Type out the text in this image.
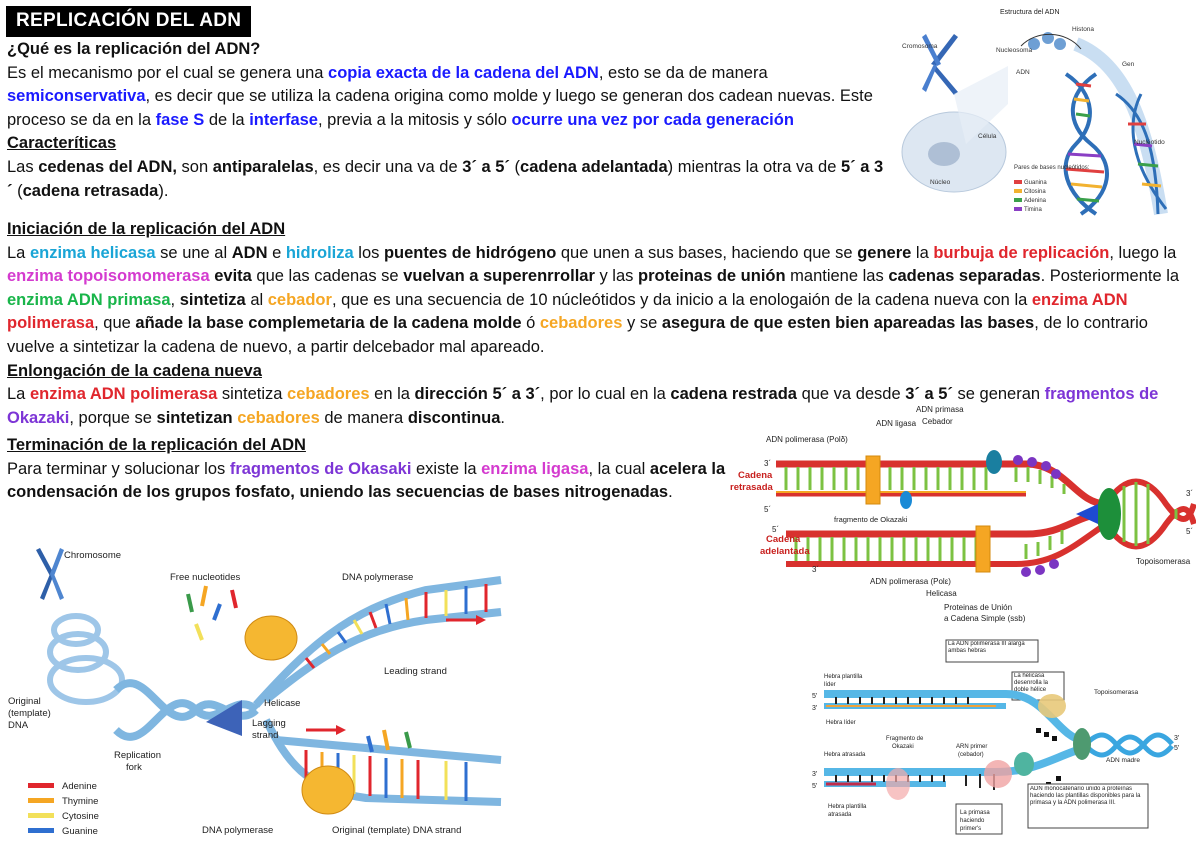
REPLICACIÓN DEL ADN
¿Qué es la replicación del ADN?
Es el mecanismo por el cual se genera una copia exacta de la cadena del ADN, esto se da de manera semiconservativa, es decir que se utiliza la cadena origina como molde y luego se generan dos cadean nuevas. Este proceso se da en la fase S de la interfase, previa a la mitosis y sólo ocurre una vez por cada generación
Caracteríticas
Las cedenas del ADN, son antiparalelas, es decir una va de 3´ a 5´ (cadena adelantada) mientras la otra va de 5´ a 3´ (cadena retrasada).
Iniciación de la replicación del ADN
La enzima helicasa se une al ADN e hidroliza los puentes de hidrógeno que unen a sus bases, haciendo que se genere la burbuja de replicación, luego la enzima topoisomomerasa evita que las cadenas se vuelvan a superenrrollar y las proteinas de unión mantiene las cadenas separadas. Posteriormente la enzima ADN primasa, sintetiza al cebador, que es una secuencia de 10 núcleótidos y da inicio a la enologaión de la cadena nueva con la enzima ADN polimerasa, que añade la base complemetaria de la cadena molde ó cebadores y se asegura de que esten bien apareadas las bases, de lo contrario vuelve a sintetizar la cadena de nuevo, a partir delcebador mal apareado.
Enlongación de la cadena nueva
La enzima ADN polimerasa sintetiza cebadores en la dirección 5´ a 3´, por lo cual en la cadena restrada que va desde 3´ a 5´ se generan fragmentos de Okazaki, porque se sintetizan cebadores de manera discontinua.
Terminación de la replicación del ADN
Para terminar y solucionar los fragmentos de Okasaki existe la enzima ligasa, la cual acelera la condensación de los grupos fosfato, uniendo las secuencias de bases nitrogenadas.
Estructura del ADN
Cromosoma
Histona
Nucleosoma
ADN
Gen
Célula
Núcleo
Nucléotido
Pares de bases nucleótidos:
Guanina
Citosina
Adenina
Timina
ADN primasa
ADN ligasa Cebador
ADN polimerasa (Polδ)
Cadena
retrasada
3´
5´
fragmento de Okazaki
Cadena
adelantada
5´
3´
ADN polimerasa (Polε)
Helicasa
Topoisomerasa
Proteinas de Unión
a Cadena Simple (ssb)
3´
5´
Chromosome
Free nucleotides	DNA polymerase
Leading strand
Original
(template)
DNA
Helicase
Lagging
strand
Replication
fork
DNA polymerase	Original (template) DNA strand
Adenine
Thymine
Cytosine
Guanine
La ADN polimerasa III alarga ambas hebras
La helicasa desenrolla la doble hélice
Hebra plantilla
líder
5'
3'
Hebra líder
Topoisomerasa
Hebra atrasada
Fragmento de
Okazaki	ARN primer
(cebador)
ADN madre
3'
5'
3'
5'
Hebra plantilla
atrasada	La primasa
haciendo
primer's
ADN monocatenario unido a proteínas haciendo las plantillas disponibles para la primasa y la ADN polimerasa III.
